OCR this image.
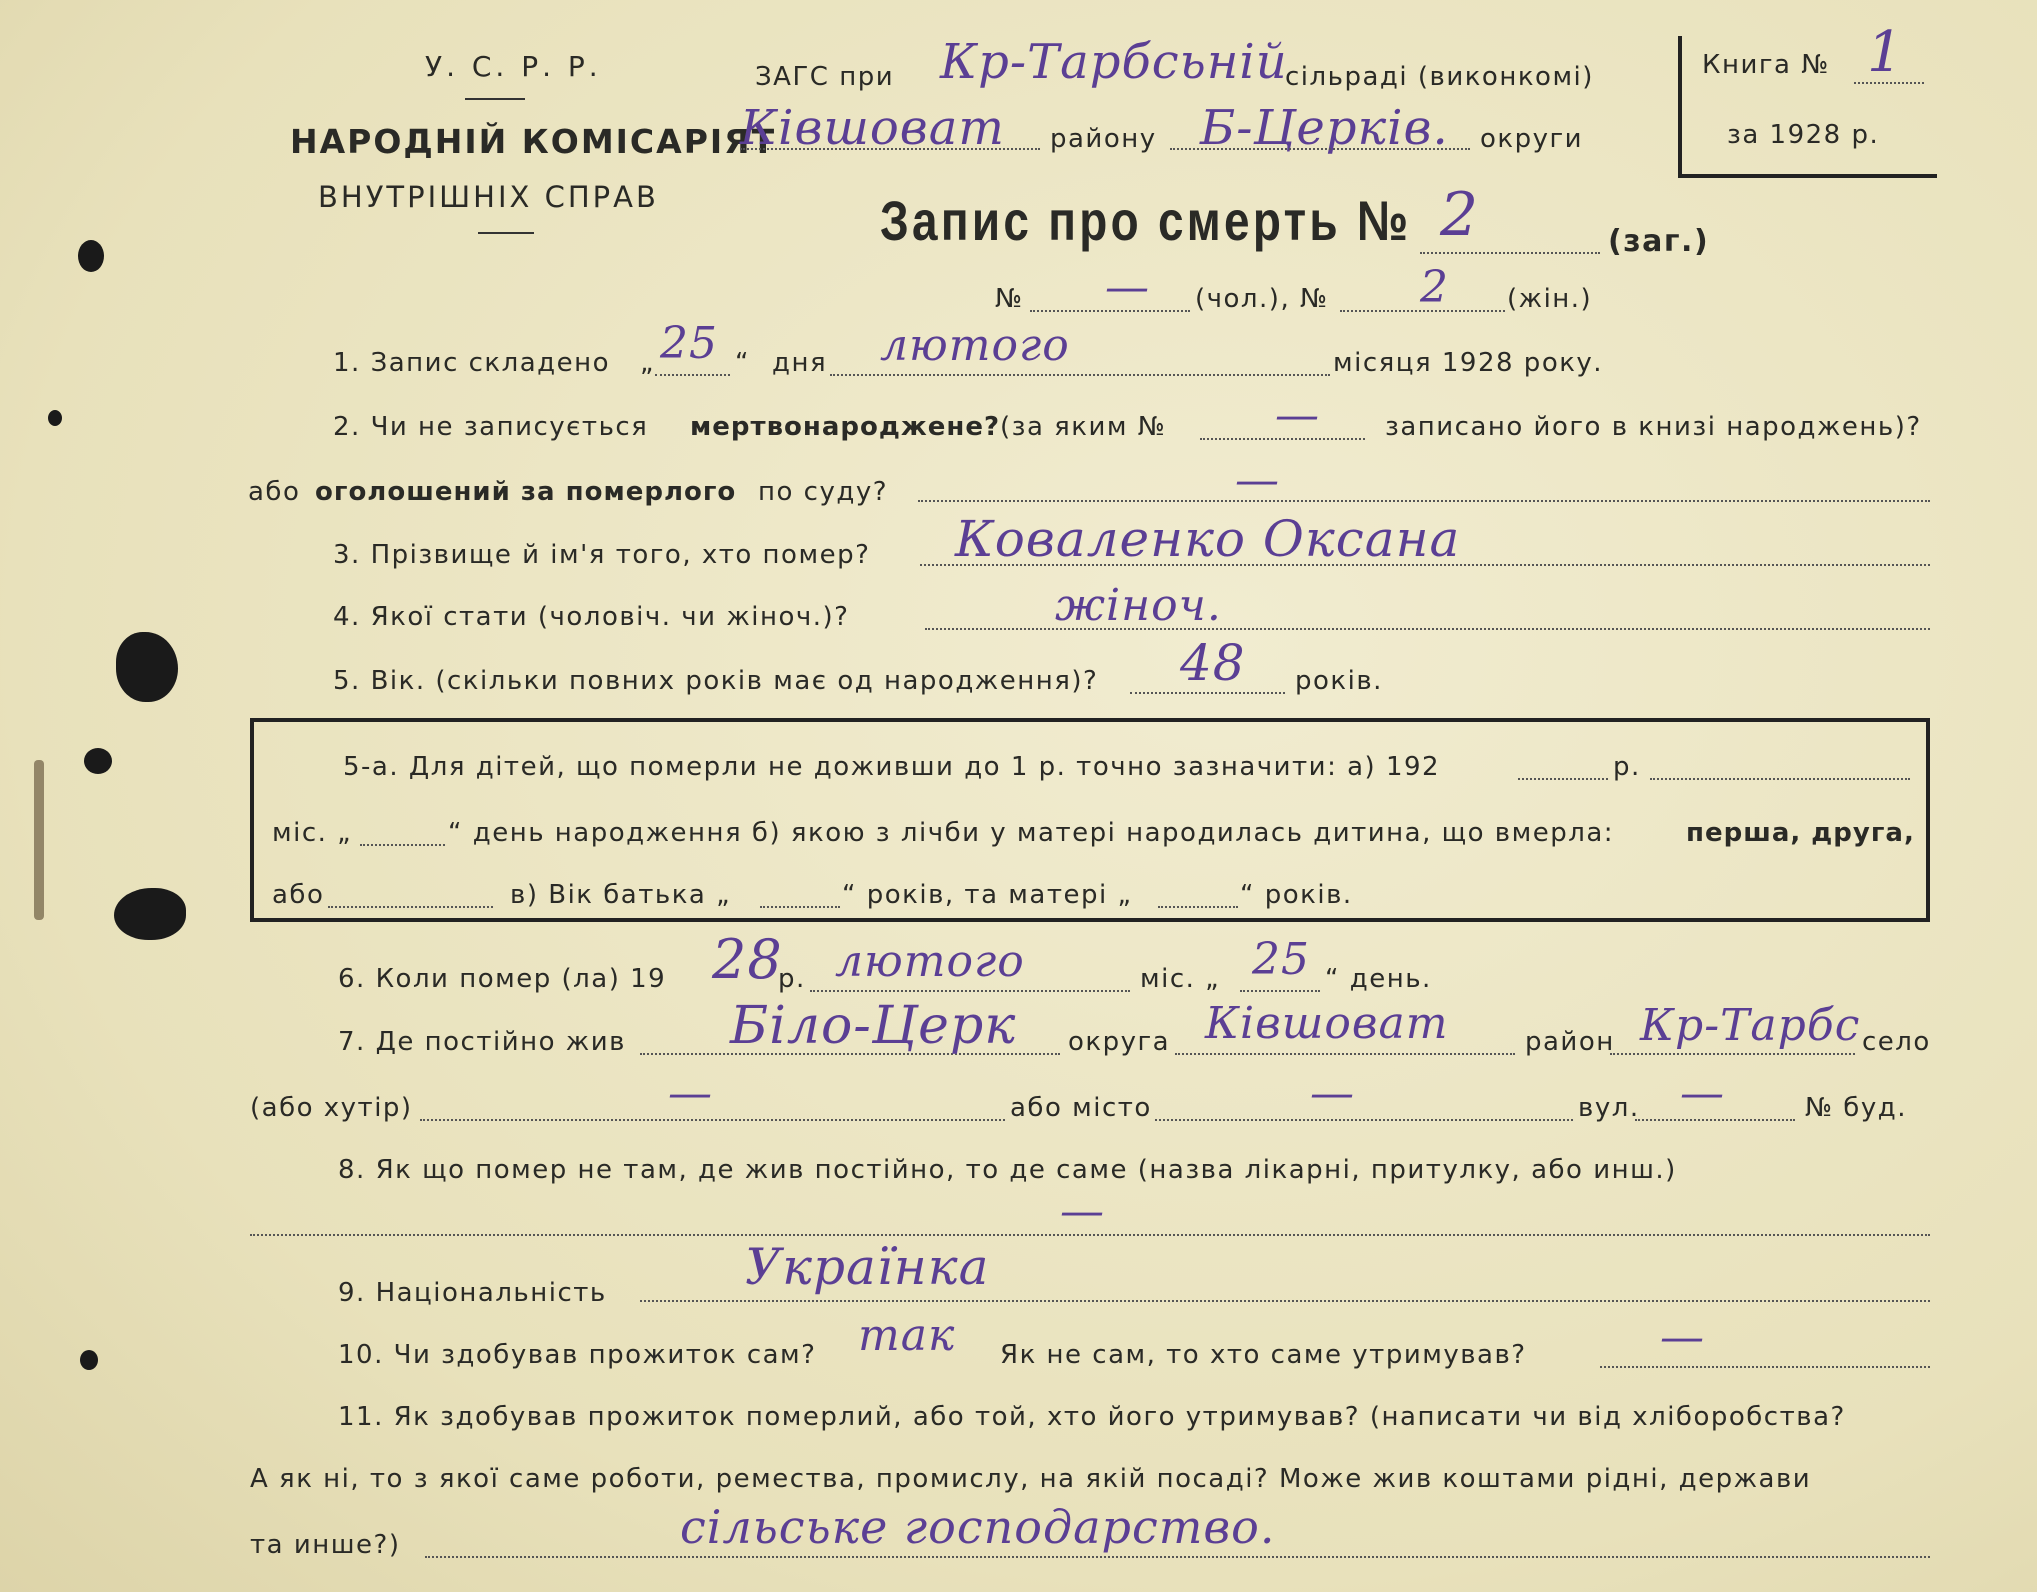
У. С. Р. Р.
НАРОДНІЙ КОМІСАРІЯТ
ВНУТРІШНІХ СПРАВ
ЗАГС при Кр-Тарбсьній
сільраді (виконкомі)
Ківшоват району Б-Церків. округи
Книга № 1
за 1928 р.
Запис про смерть № 2	(заг.)
№ — (чол.), № 2 (жін.)
1. Запис складено „ 25 “ дня лютого	місяця 1928 року.
2. Чи не записується мертвонароджене? (за яким № —	записано його в книзі народжень)?
або оголошений за померлого по суду?	—
3. Прізвище й ім'я того, хто помер? Коваленко Оксана
4. Якої стати (чоловіч. чи жіноч.)?	жіноч.
5. Вік. (скільки повних років має од народження)? 48 років.
5-а. Для дітей, що померли не доживши до 1 р. точно зазначити: а) 192	р.
міс. „	“ день народження б) якою з лічби у матері народилась дитина, що вмерла:	перша, друга,
або	в) Вік батька „	“ років, та матері „	“ років.
6. Коли помер (ла) 19 28
р. лютого	міс. „ 25 “ день.
7. Де постійно жив Біло-Церк округа Ківшоват	район Кр-Тарбс село
(або хутір)	—	або місто	—	вул. —	№ буд.
8. Як що помер не там, де жив постійно, то де саме (назва лікарні, притулку, або инш.)
—
9. Національність	Українка
10. Чи здобував прожиток сам? так Як не сам, то хто саме утримував?	—
11. Як здобував прожиток померлий, або той, хто його утримував? (написати чи від хліборобства?
А як ні, то з якої саме роботи, ремества, промислу, на якій посаді? Може жив коштами рідні, держави
та инше?)	сільське господарство.
